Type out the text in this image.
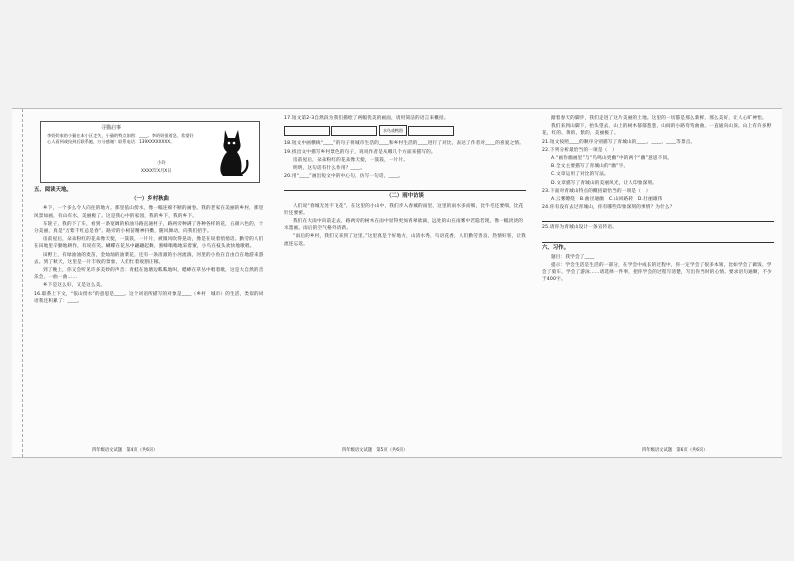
寻猫启事
李奶奶家的小猫在本小区走失，小猫的特点如图：____。李奶奶很着急，希望好心人看到或捡到后联系她，万分感谢！联系电话：139XXXXXXXX。
小玲
XXXX年X月X日
五、阅读天地。
（一）乡村秋曲

乡下，一个多么令人向往的地方。那里依山傍水，像一幅连绵不断的画卷。我的老家在美丽的乡村，那里风景如画，有山有水，美丽极了。这是我心中的家园，我的乡下，我的乡下。

车轮子，我的下了车，看到一条宽阔的柏油马路直通村子，路两旁种满了各种各样的花，五颜六色的，十分美丽，真是“万紫千红总是春”。路旁的小树苗精神抖擞，随风舞动，向我们招手。

房前屋后，朵朵粉红的花朵像天使，一簇簇，一片片，被微风吹得晃动，像是在说着悄悄话。勤劳的人们在田地里辛勤地耕作，有说有笑。蝴蝶在花丛中翩翩起舞，蜜蜂嗡嗡地采着蜜，小鸟在枝头欢快地歌唱。

田野上，有绿油油的麦苗，金灿灿的油菜花，还有一条清澈的小河流淌，河里的小鱼在自由自在地游来游去。到了秋天，这里是一片丰收的景象，人们忙着收割庄稼。

到了晚上，你又会听见许多美妙的声音：青蛙在池塘边呱呱地叫，蟋蟀在草丛中唱着歌，这是大自然的音乐会，一曲一曲……

乡下是这么好，又是这么美。

16.联系上下文，“依山傍水”的意思是____。这个词语所描写的对象是____（乡村　城市）的生活，类似的词语我还积累了：____。

17.短文第2-3自然段为我们描绘了两幅优美的画面，请用简洁的语言来概括。

水乌戏鸭图

18.短文中画横线“____”的句子将城市生活的____和乡村生活的____进行了对比，表达了作者对____的喜爱之情。

19.找出文中描写乡村景色的句子，说说作者是从哪几个方面来描写的。

房前屋后，朵朵粉红的花朵像天使，一簇簇，一片片。

明明，这句话有什么作用？____。

20.用“____”画出短文中的中心句，仿写一句话，____。

（二）雨中访谈

人们说“春城无处不飞花”，在这里的小山中，我们步入春城的雨里，这里的雨水多而细，比牛毛还要细，比花针还要密。

我们在大雨中向前走去，路两旁的树木在雨中显得更加青翠欲滴，远处的山在雨雾中若隐若现，像一幅淡淡的水墨画。雨后的空气格外清新。

“雨后的乡村，我们又来到了这里。”这里真是个好地方，山清水秀，鸟语花香，人们勤劳善良，热情好客，让我流连忘返。

踏着春天的脚步，我们走进了这片美丽的土地。这里的一切都是那么新鲜，那么美好，让人心旷神怡。

我们来到山脚下，抬头望去，山上的树木郁郁葱葱，山间的小路弯弯曲曲，一直通向山顶。山上有许多野花，红的、黄的、紫的，美丽极了。

21.短文按照____的顺序分别描写了青城山的____、____、____等景点。

22.下列分析最恰当的一项是（　）

A.“画作幽画里”与“鸟鸣山更幽”中的两个“幽”意思不同。

B.全文主要描写了青城山的“幽”字。

C.文章运用了对比的写法。

D.文章描写了青城山的美丽风光，让人印象深刻。

23.下面对青城山特点的概括最恰当的一项是（　）

A.云雾缭绕　B.曲径通幽　C.山回路转　D.壮丽雄伟

24.你有没有去过青城山，你有哪些印象深刻的事情？为什么？

25.请你为青城山设计一条宣传语。

六、习作。

题目：我学会了____

提示：学会生活是生活的一部分，在学会中成长的过程中，你一定学会了很多本领，比如学会了做饭、学会了骑车、学会了游泳……请选择一件事，把你学会的过程写清楚，写出你当时的心情。要求语句通顺，不少于400字。

四年级语文试题　第4页（共6页）	四年级语文试题　第5页（共6页）	四年级语文试题　第6页（共6页）
